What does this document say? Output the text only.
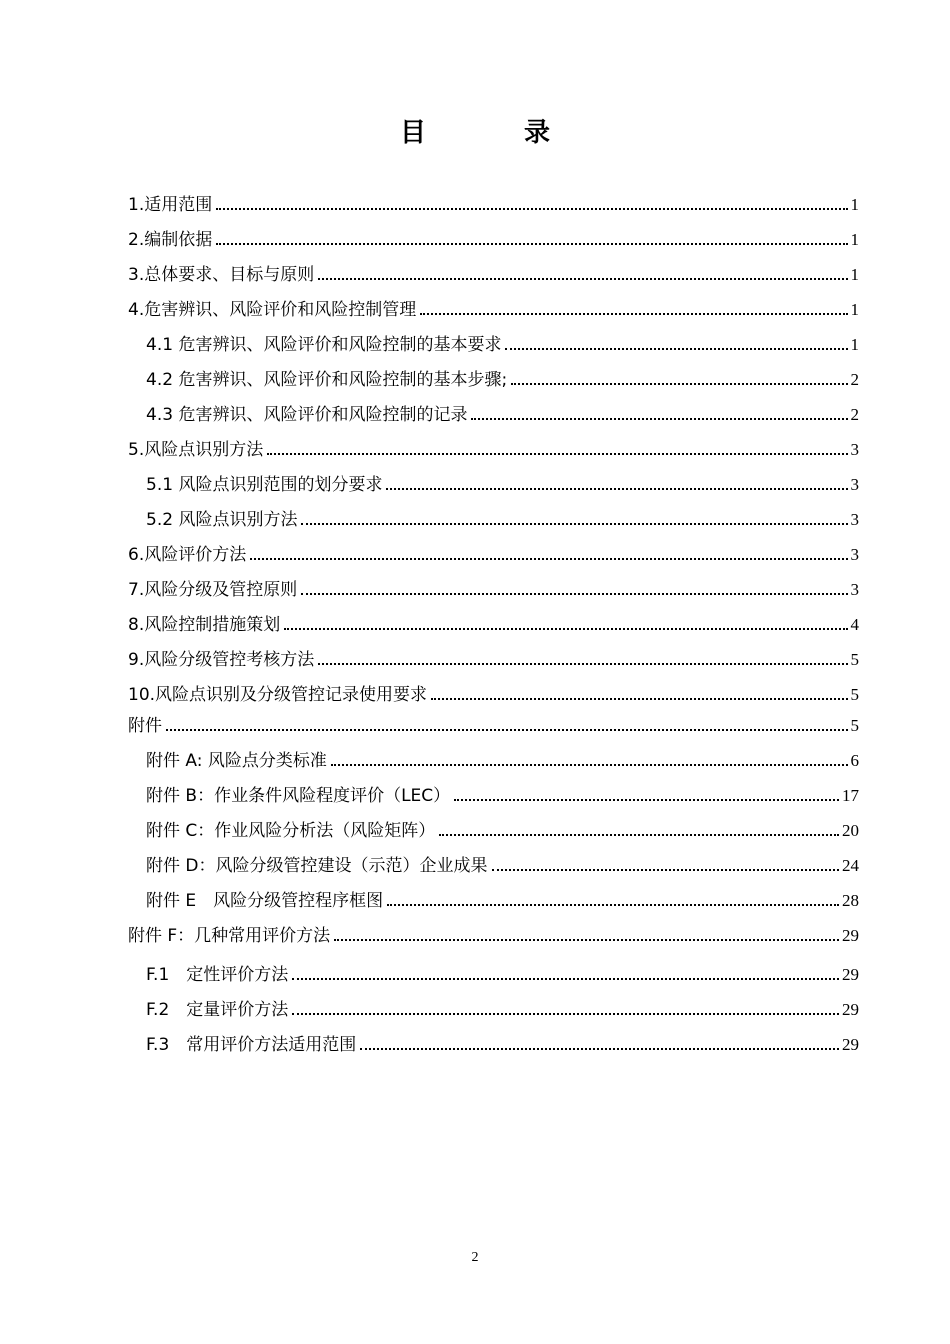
目　录
1.适用范围	1
2.编制依据	1
3.总体要求、目标与原则	1
4.危害辨识、风险评价和风险控制管理	1
4.1 危害辨识、风险评价和风险控制的基本要求	1
4.2 危害辨识、风险评价和风险控制的基本步骤;	2
4.3 危害辨识、风险评价和风险控制的记录	2
5.风险点识别方法	3
5.1 风险点识别范围的划分要求	3
5.2 风险点识别方法	3
6.风险评价方法	3
7.风险分级及管控原则	3
8.风险控制措施策划	4
9.风险分级管控考核方法	5
10.风险点识别及分级管控记录使用要求	5
附件	5
附件 A: 风险点分类标准	6
附件 B：作业条件风险程度评价（LEC）	17
附件 C：作业风险分析法（风险矩阵）	20
附件 D：风险分级管控建设（示范）企业成果	24
附件 E　风险分级管控程序框图	28
附件 F：几种常用评价方法	29
F.1　定性评价方法	29
F.2　定量评价方法	29
F.3　常用评价方法适用范围	29
2
